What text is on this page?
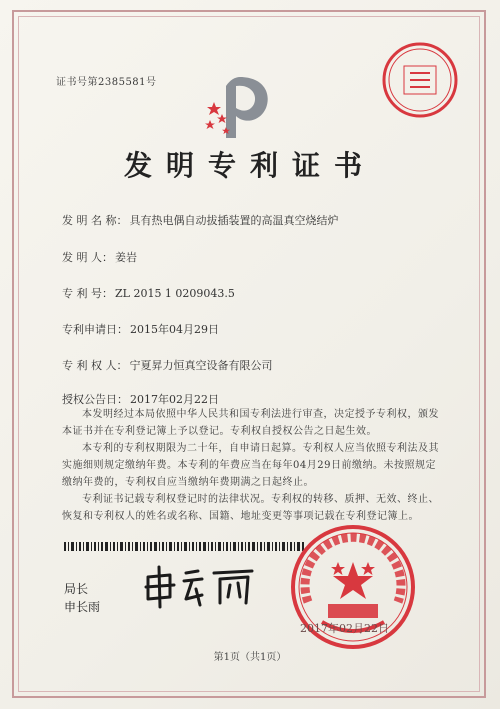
证书号第2385581号
发明专利证书
发 明 名 称： 具有热电偶自动拔插装置的高温真空烧结炉
发 明 人： 姜岩
专 利 号： ZL 2015 1 0209043.5
专利申请日： 2015年04月29日
专 利 权 人： 宁夏昇力恒真空设备有限公司
授权公告日： 2017年02月22日

本发明经过本局依照中华人民共和国专利法进行审查，决定授予专利权，颁发本证书并在专利登记簿上予以登记。专利权自授权公告之日起生效。

本专利的专利权期限为二十年，自申请日起算。专利权人应当依照专利法及其实施细则规定缴纳年费。本专利的年费应当在每年04月29日前缴纳。未按照规定缴纳年费的，专利权自应当缴纳年费期满之日起终止。

专利证书记载专利权登记时的法律状况。专利权的转移、质押、无效、终止、恢复和专利权人的姓名或名称、国籍、地址变更等事项记载在专利登记簿上。

局长
申长雨
2017年02月22日
第1页（共1页）
